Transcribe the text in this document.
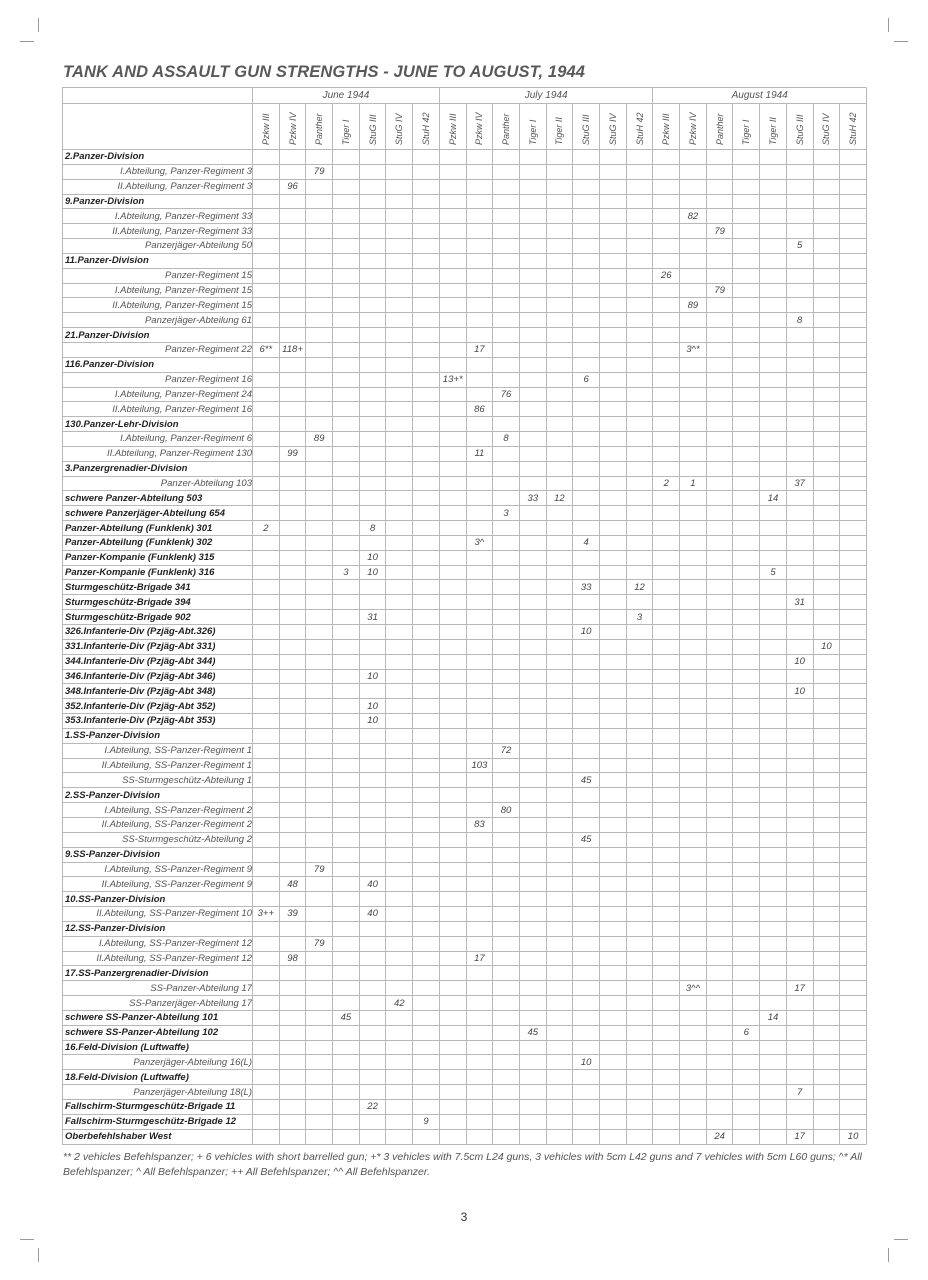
TANK AND ASSAULT GUN STRENGTHS - JUNE TO AUGUST, 1944
	June 1944							July 1944								August 1944							

	Pzkw III	Pzkw IV	Panther	Tiger I	StuG III	StuG IV	StuH 42	Pzkw III	Pzkw IV	Panther	Tiger I	Tiger II	StuG III	StuG IV	StuH 42	Pzkw III	Pzkw IV	Panther	Tiger I	Tiger II	StuG III	StuG IV	StuH 42

2.Panzer-Division																							
I.Abteilung, Panzer-Regiment 3			79																				
II.Abteilung, Panzer-Regiment 3		96																					
9.Panzer-Division																							
I.Abteilung, Panzer-Regiment 33																	82						
II.Abteilung, Panzer-Regiment 33																		79					
Panzerjäger-Abteilung 50																					5		
11.Panzer-Division																							
Panzer-Regiment 15																26							
I.Abteilung, Panzer-Regiment 15																		79					
II.Abteilung, Panzer-Regiment 15																	89						
Panzerjäger-Abteilung 61																					8		
21.Panzer-Division																							
Panzer-Regiment 22	6**	118+							17								3^*						
116.Panzer-Division																							
Panzer-Regiment 16								13+*					6										
I.Abteilung, Panzer-Regiment 24										76													
II.Abteilung, Panzer-Regiment 16									86														
130.Panzer-Lehr-Division																							
I.Abteilung, Panzer-Regiment 6			89							8													
II.Abteilung, Panzer-Regiment 130		99							11														
3.Panzergrenadier-Division																							
Panzer-Abteilung 103																2	1				37		
schwere Panzer-Abteilung 503											33	12								14			
schwere Panzerjäger-Abteilung 654										3													
Panzer-Abteilung (Funklenk) 301	2				8																		
Panzer-Abteilung (Funklenk) 302									3^				4										
Panzer-Kompanie (Funklenk) 315					10																		
Panzer-Kompanie (Funklenk) 316				3	10															5			
Sturmgeschütz-Brigade 341													33		12								
Sturmgeschütz-Brigade 394																					31		
Sturmgeschütz-Brigade 902					31										3								
326.Infanterie-Div (Pzjäg-Abt.326)													10										
331.Infanterie-Div (Pzjäg-Abt 331)																						10	
344.Infanterie-Div (Pzjäg-Abt 344)																					10		
346.Infanterie-Div (Pzjäg-Abt 346)					10																		
348.Infanterie-Div (Pzjäg-Abt 348)																					10		
352.Infanterie-Div (Pzjäg-Abt 352)					10																		
353.Infanterie-Div (Pzjäg-Abt 353)					10																		
1.SS-Panzer-Division																							
I.Abteilung, SS-Panzer-Regiment 1										72													
II.Abteilung, SS-Panzer-Regiment 1									103														
SS-Sturmgeschütz-Abteilung 1													45										
2.SS-Panzer-Division																							
I.Abteilung, SS-Panzer-Regiment 2										80													
II.Abteilung, SS-Panzer-Regiment 2									83														
SS-Sturmgeschütz-Abteilung 2													45										
9.SS-Panzer-Division																							
I.Abteilung, SS-Panzer-Regiment 9			79																				
II.Abteilung, SS-Panzer-Regiment 9		48			40																		
10.SS-Panzer-Division																							
II.Abteilung, SS-Panzer-Regiment 10	3++	39			40																		
12.SS-Panzer-Division																							
I.Abteilung, SS-Panzer-Regiment 12			79																				
II.Abteilung, SS-Panzer-Regiment 12		98							17														
17.SS-Panzergrenadier-Division																							
SS-Panzer-Abteilung 17																	3^^				17		
SS-Panzerjäger-Abteilung 17						42																	
schwere SS-Panzer-Abteilung 101				45																14			
schwere SS-Panzer-Abteilung 102											45								6				
16.Feld-Division (Luftwaffe)																							
Panzerjäger-Abteilung 16(L)													10										
18.Feld-Division (Luftwaffe)																							
Panzerjäger-Abteilung 18(L)																					7		
Fallschirm-Sturmgeschütz-Brigade 11					22																		
Fallschirm-Sturmgeschütz-Brigade 12							9																
Oberbefehlshaber West																		24			17		10

** 2 vehicles Befehlspanzer; + 6 vehicles with short barrelled gun; +* 3 vehicles with 7.5cm L24 guns, 3 vehicles with 5cm L42 guns and 7 vehicles with 5cm L60 guns; ^* All Befehlspanzer; ^ All Befehlspanzer; ++ All Befehlspanzer; ^^ All Befehlspanzer.

3
